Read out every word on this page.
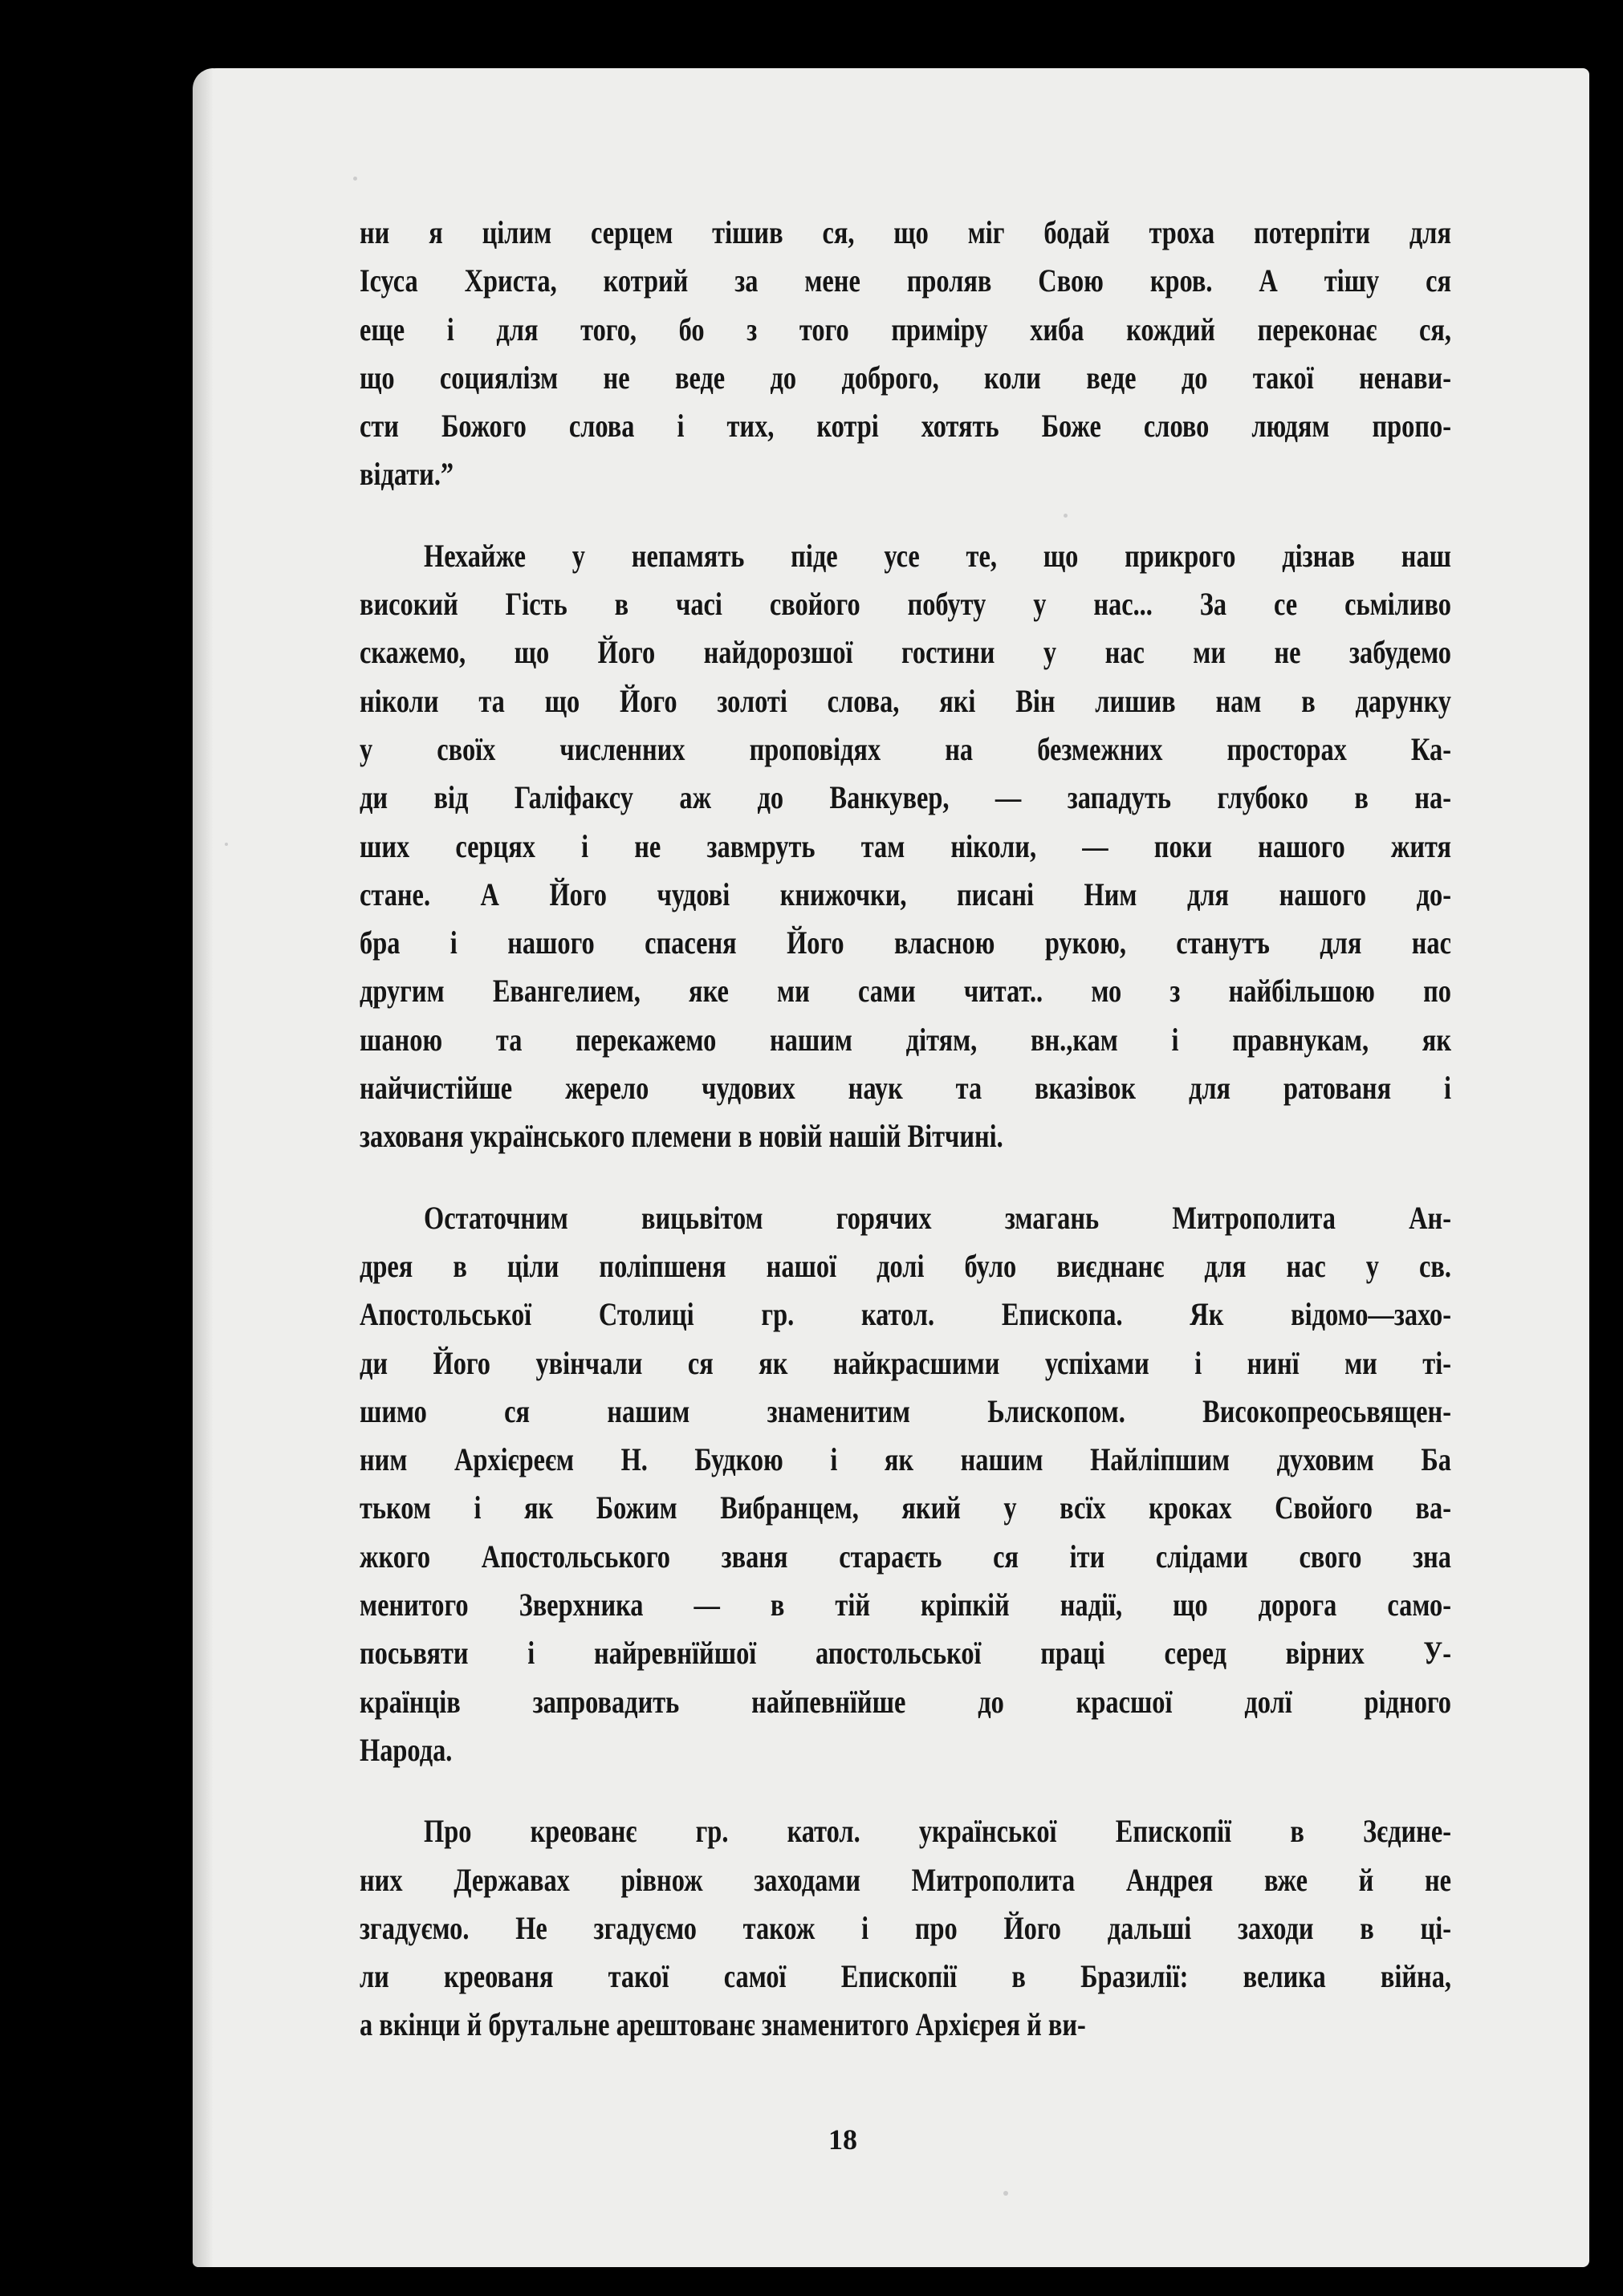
ни я цілим серцем тішив ся, що міг бодай троха потерпіти для
Ісуса Христа, котрий за мене проляв Свою кров. А тішу ся
еще і для того, бо з того приміру хиба кождий переконає ся,
що социялізм не веде до доброго, коли веде до такої ненави-
сти Божого слова і тих, котрі хотять Боже слово людям пропо-
відати.”

Нехайже у непамять піде усе те, що прикрого дізнав наш
високий Гість в часі свойого побуту у нас... За се сьміливо
скажемо, що Його найдорозшої гостини у нас ми не забудемо
ніколи та що Його золоті слова, які Він лишив нам в дарунку
у своїх численних проповідях на безмежних просторах Ка-
ди від Галіфаксу аж до Ванкувер, — западуть глубоко в на-
ших серцях і не завмруть там ніколи, — поки нашого житя
стане. А Його чудові книжочки, писані Ним для нашого до-
бра і нашого спасеня Його власною рукою, станутъ для нас
другим Евангелием, яке ми сами читат.. мо з найбільшою по
шаною та перекажемо нашим дітям, вн.,кам і правнукам, як
найчистійше жерело чудових наук та вказівок для ратованя і
захованя українського племени в новій нашій Вітчині.

Остаточним вицьвітом горячих змагань Митрополита Ан-
дрея в ціли поліпшеня нашої долі було виєднанє для нас у св.
Апостольської Столиці гр. катол. Епископа. Як відомо—захо-
ди Його увінчали ся як найкрасшими успіхами і нинї ми ті-
шимо ся нашим знаменитим Ьлископом. Високопреосьвящен-
ним Архієреєм Н. Будкою і як нашим Найліпшим духовим Ба
тьком і як Божим Вибранцем, який у всїх кроках Свойого ва-
жкого Апостольського званя стараєть ся іти слідами свого зна
менитого Зверхника — в тій кріпкій надії, що дорога само-
посьвяти і найревнїйшої апостольської праці серед вірних У-
країнців запровадить найпевнїйше до красшої долї рідного
Народа.

Про креованє гр. катол. української Епископії в Зєдине-
них Державах рівнож заходами Митрополита Андрея вже й не
згадуємо. Не згадуємо також і про Його дальші заходи в ці-
ли креованя такої самої Епископії в Бразилії: велика війна,
а вкінци й брутальне арештованє знаменитого Архієрея й ви-

18
